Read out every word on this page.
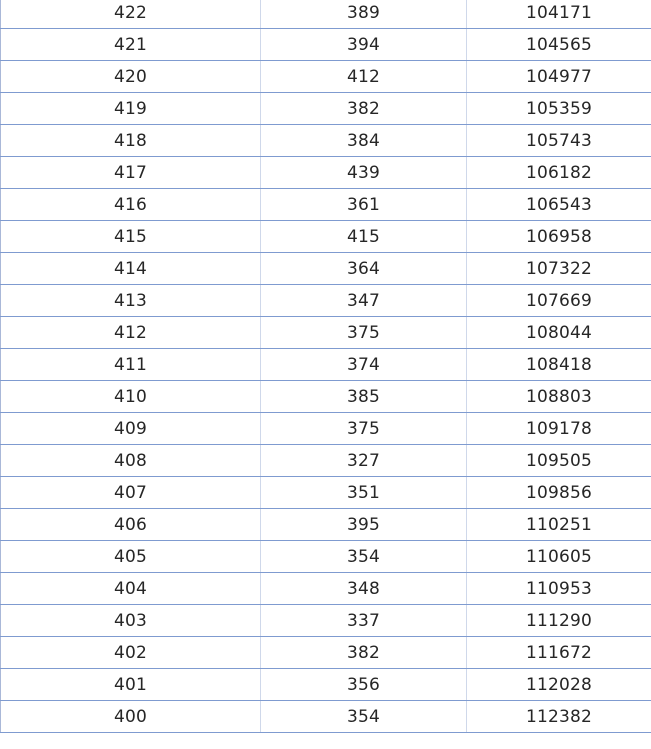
422	389	104171
421	394	104565
420	412	104977
419	382	105359
418	384	105743
417	439	106182
416	361	106543
415	415	106958
414	364	107322
413	347	107669
412	375	108044
411	374	108418
410	385	108803
409	375	109178
408	327	109505
407	351	109856
406	395	110251
405	354	110605
404	348	110953
403	337	111290
402	382	111672
401	356	112028
400	354	112382
